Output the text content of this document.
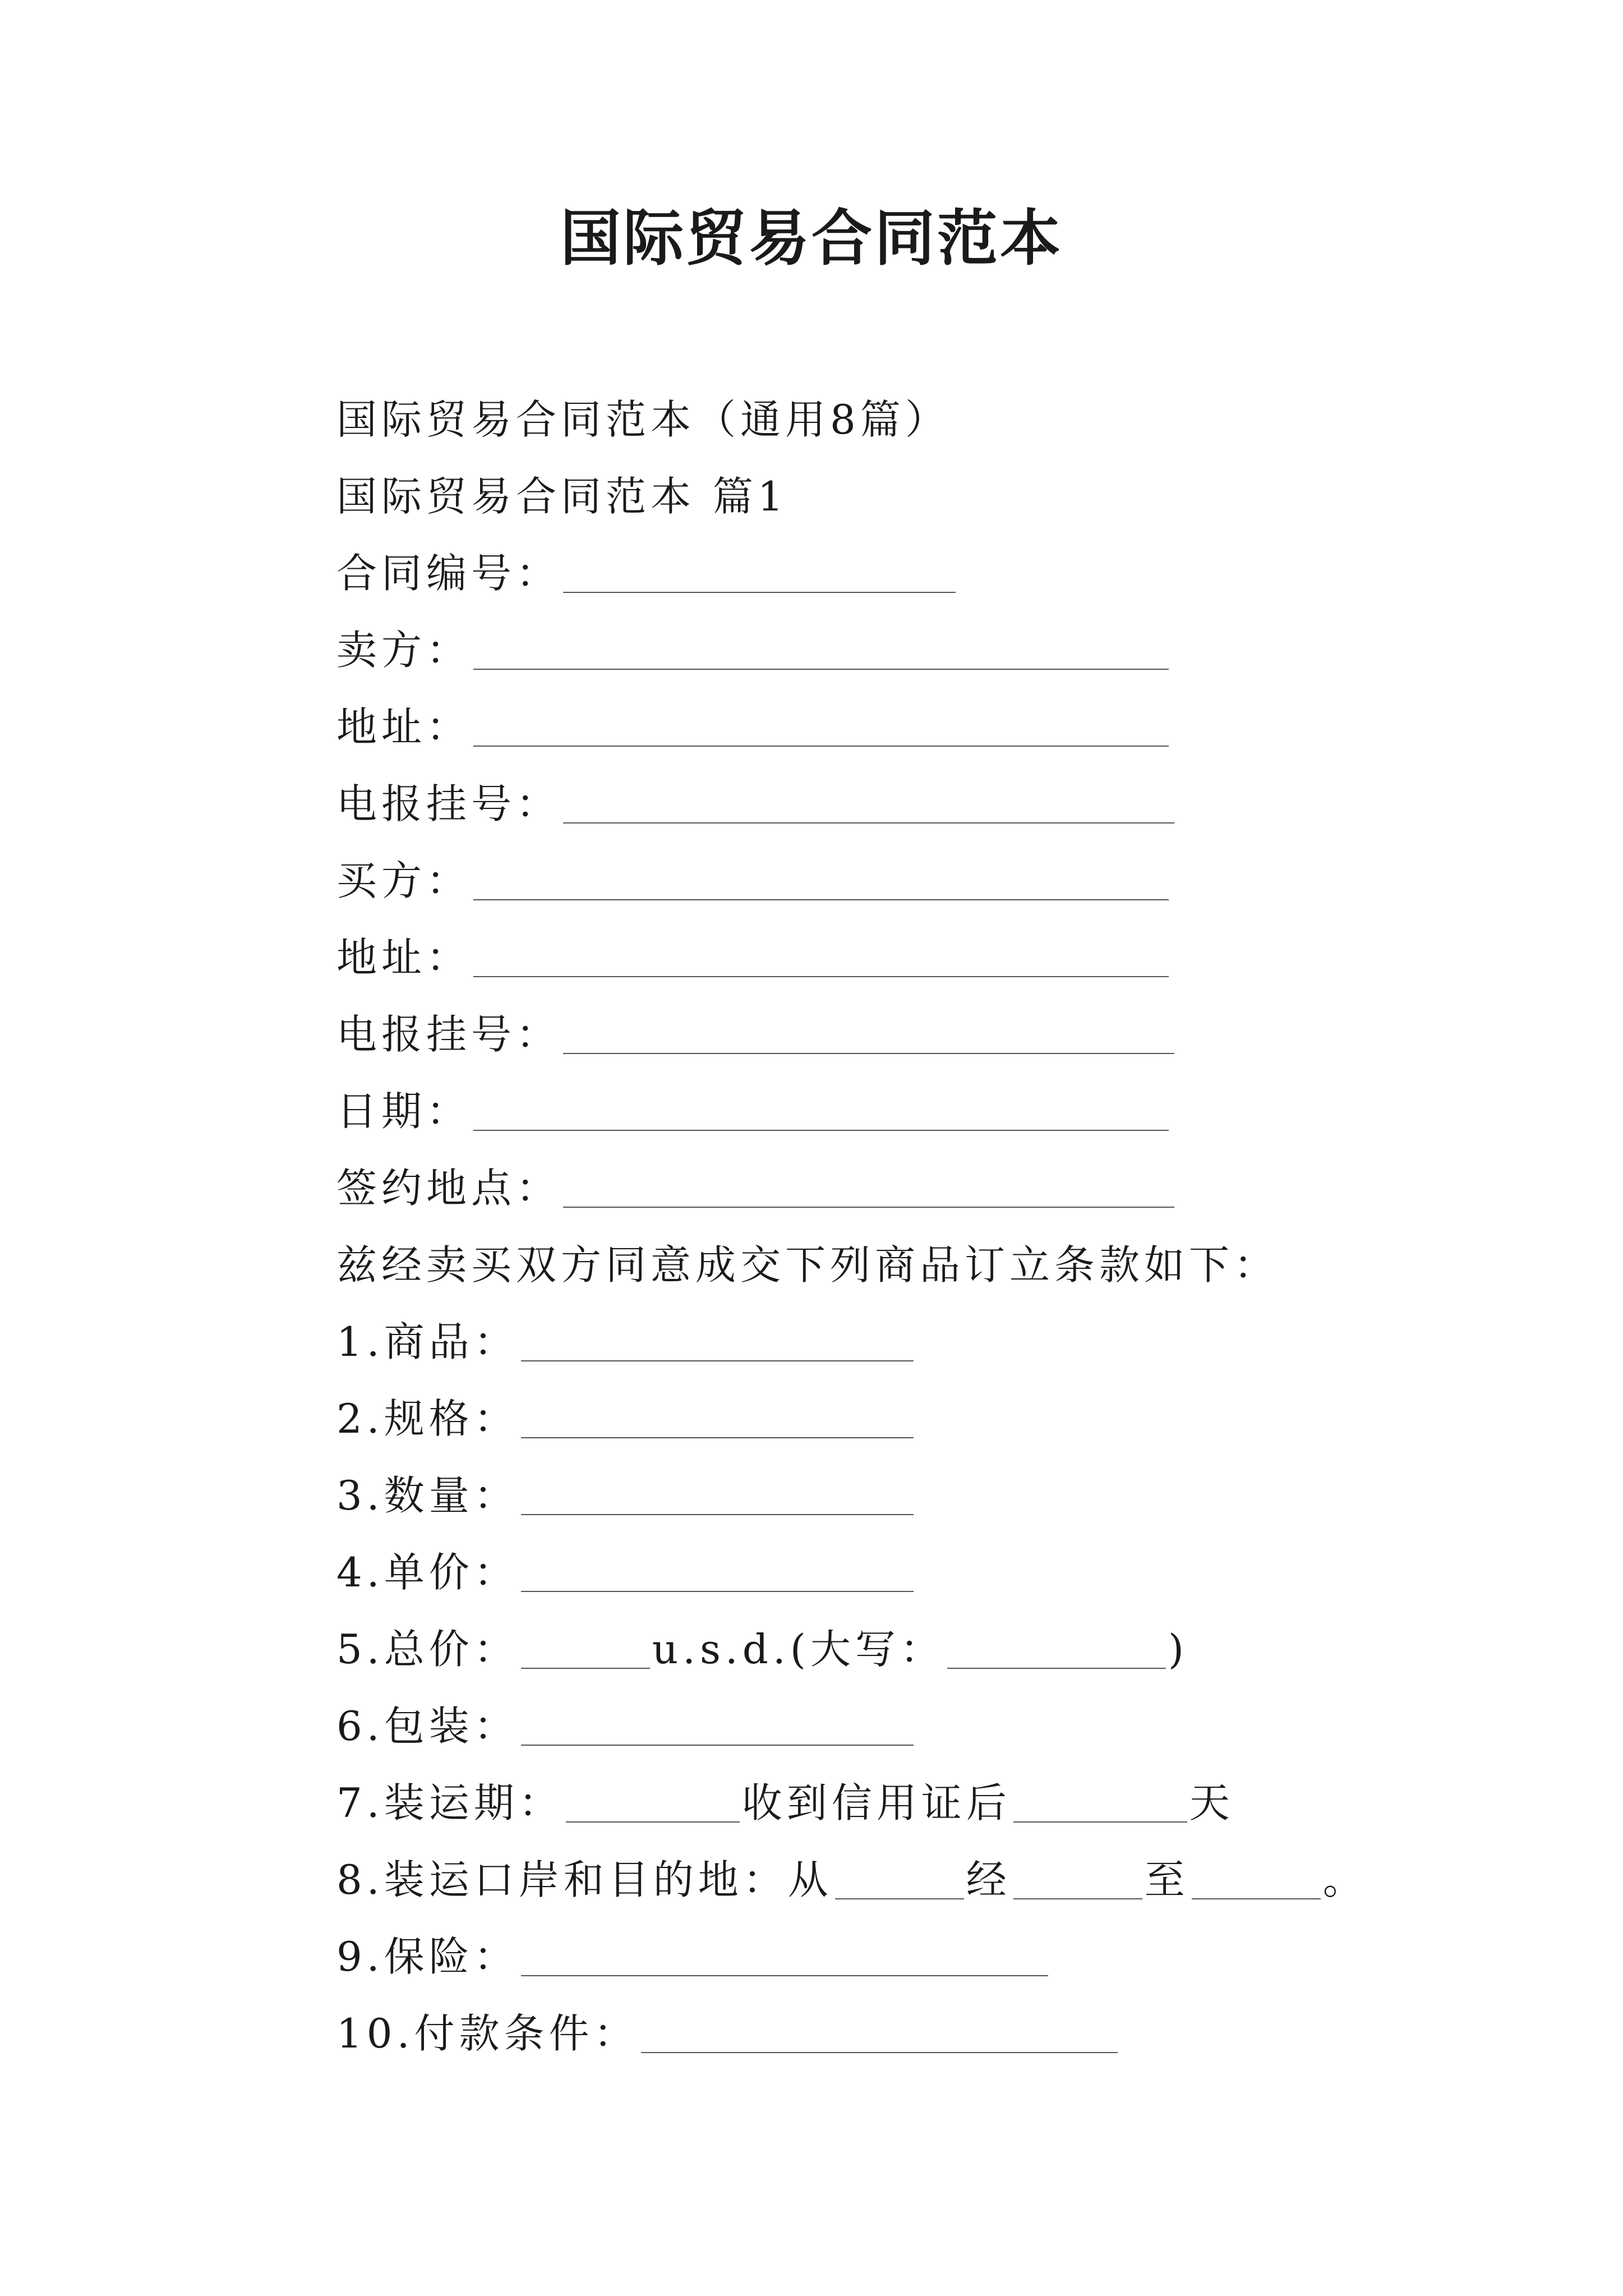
国际贸易合同范本
国际贸易合同范本（通用8篇）
国际贸易合同范本 篇1
合同编号：
卖方：
地址：
电报挂号：
买方：
地址：
电报挂号：
日期：
签约地点：
兹经卖买双方同意成交下列商品订立条款如下：
1.商品：
2.规格：
3.数量：
4.单价：
5.总价：	u.s.d.(大写：	)
6.包装：
7.装运期：	收到信用证后	天
8.装运口岸和目的地：从	经	至	。
9.保险：
10.付款条件：
